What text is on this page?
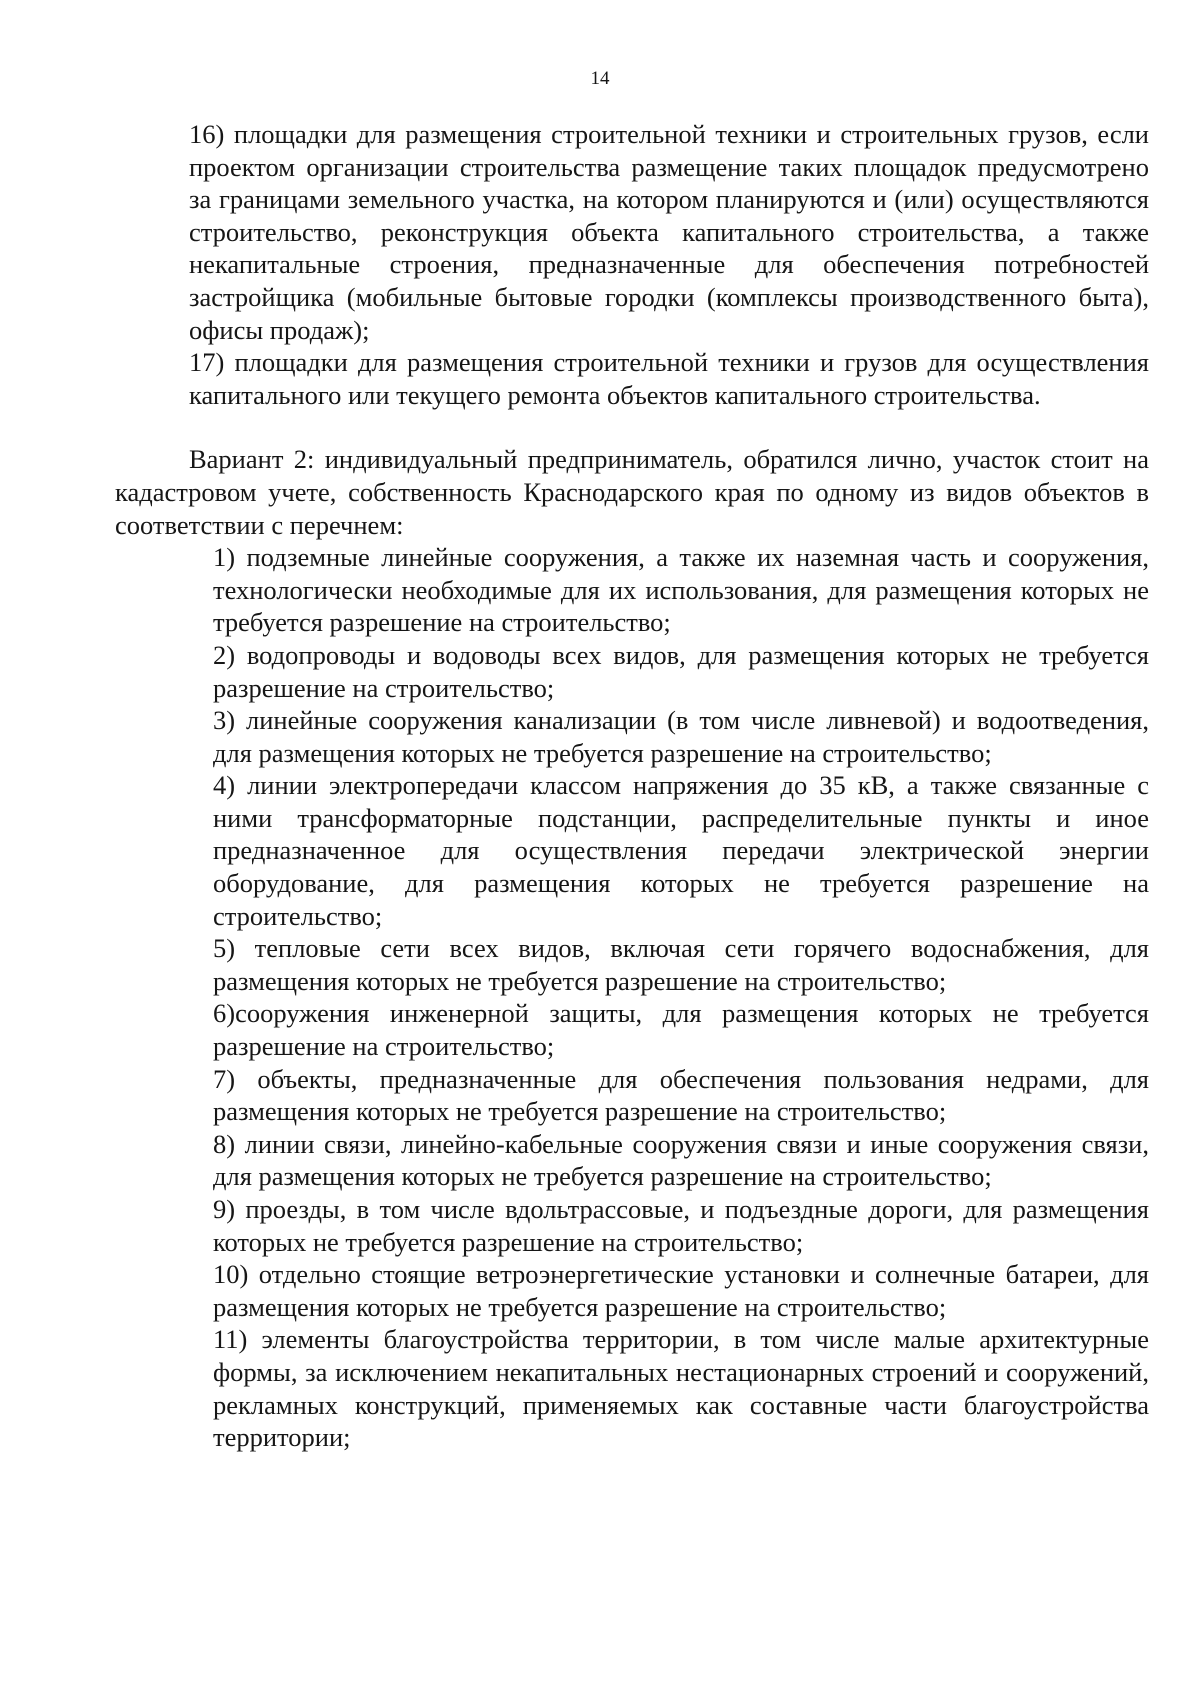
14

16) площадки для размещения строительной техники и строительных грузов, если проектом организации строительства размещение таких площадок предусмотрено за границами земельного участка, на котором планируются и (или) осуществляются строительство, реконструкция объекта капитального строительства, а также некапитальные строения, предназначенные для обеспечения потребностей застройщика (мобильные бытовые городки (комплексы производственного быта), офисы продаж);

17) площадки для размещения строительной техники и грузов для осуществления капитального или текущего ремонта объектов капитального строительства.

Вариант 2: индивидуальный предприниматель, обратился лично, участок стоит на кадастровом учете, собственность Краснодарского края по одному из видов объектов в соответствии с перечнем:

1) подземные линейные сооружения, а также их наземная часть и сооружения, технологически необходимые для их использования, для размещения которых не требуется разрешение на строительство;

2) водопроводы и водоводы всех видов, для размещения которых не требуется разрешение на строительство;

3) линейные сооружения канализации (в том числе ливневой) и водоотведения, для размещения которых не требуется разрешение на строительство;

4) линии электропередачи классом напряжения до 35 кВ, а также связанные с ними трансформаторные подстанции, распределительные пункты и иное предназначенное для осуществления передачи электрической энергии оборудование, для размещения которых не требуется разрешение на строительство;

5) тепловые сети всех видов, включая сети горячего водоснабжения, для размещения которых не требуется разрешение на строительство;

6)сооружения инженерной защиты, для размещения которых не требуется разрешение на строительство;

7) объекты, предназначенные для обеспечения пользования недрами, для размещения которых не требуется разрешение на строительство;

8) линии связи, линейно-кабельные сооружения связи и иные сооружения связи, для размещения которых не требуется разрешение на строительство;

9) проезды, в том числе вдольтрассовые, и подъездные дороги, для размещения которых не требуется разрешение на строительство;

10) отдельно стоящие ветроэнергетические установки и солнечные батареи, для размещения которых не требуется разрешение на строительство;

11) элементы благоустройства территории, в том числе малые архитектурные формы, за исключением некапитальных нестационарных строений и сооружений, рекламных конструкций, применяемых как составные части благоустройства территории;
